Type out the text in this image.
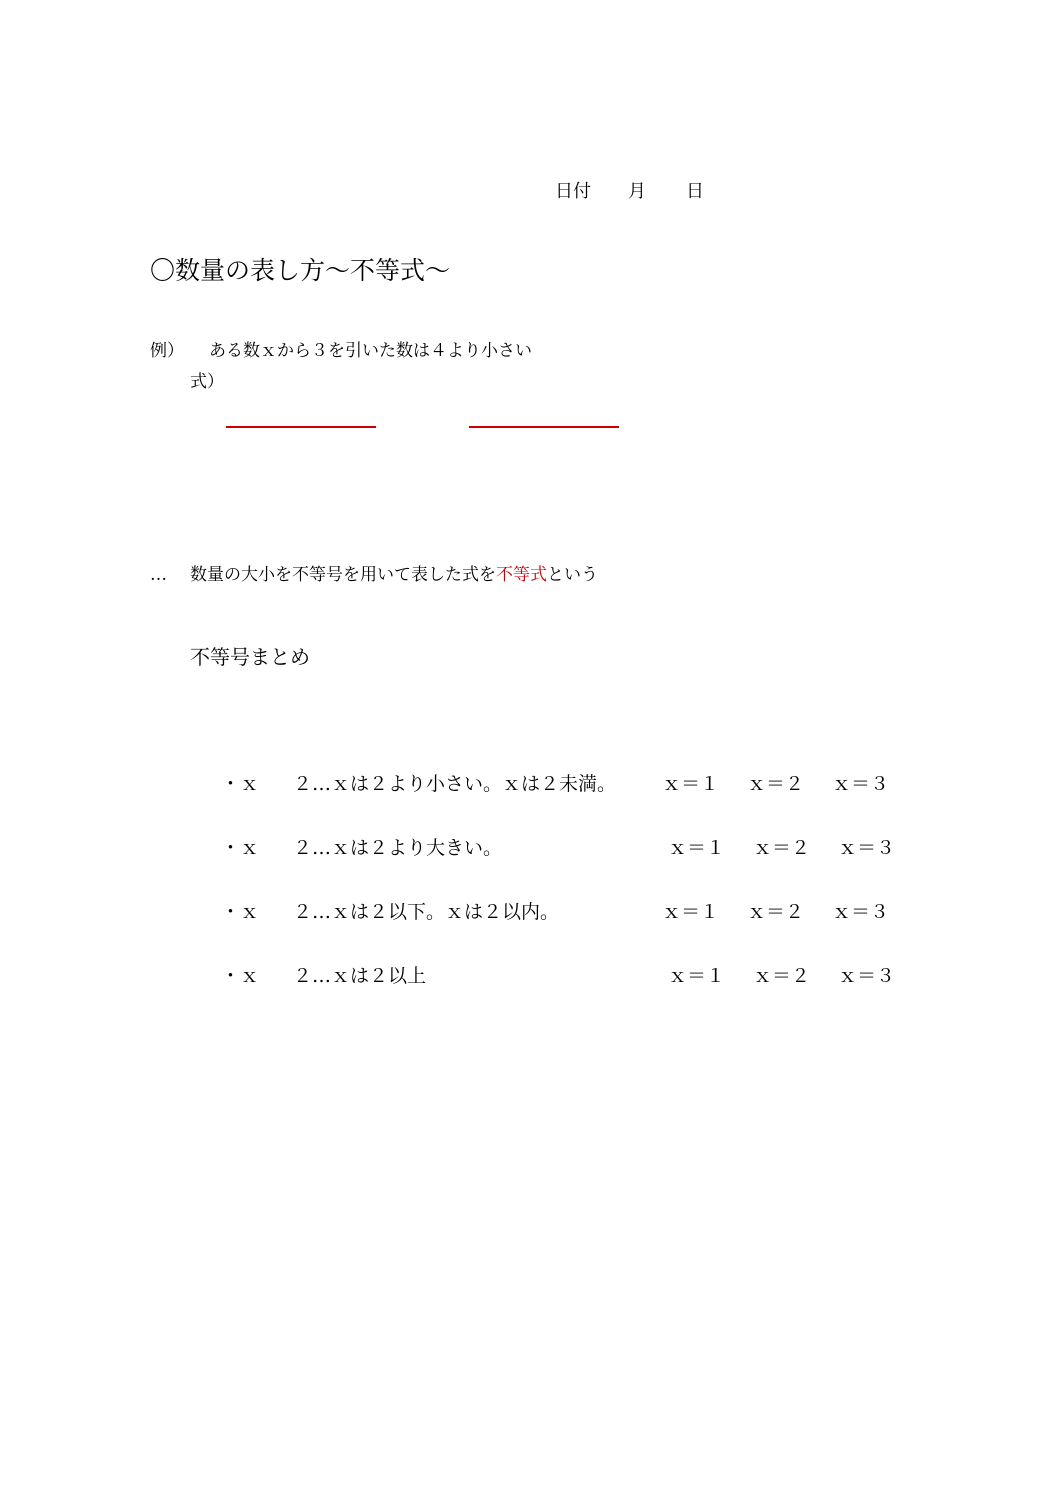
日付 月 日
〇数量の表し方〜不等式〜
例） ある数ｘから３を引いた数は４より小さい
式）
… 数量の大小を不等号を用いて表した式を不等式という
不等号まとめ
・ｘ ２…ｘは２より小さい。ｘは２未満。 ｘ＝１ ｘ＝２ ｘ＝３
・ｘ ２…ｘは２より大きい。	ｘ＝１ ｘ＝２ ｘ＝３
・ｘ ２…ｘは２以下。ｘは２以内。	ｘ＝１ ｘ＝２ ｘ＝３
・ｘ ２…ｘは２以上	ｘ＝１ ｘ＝２ ｘ＝３
